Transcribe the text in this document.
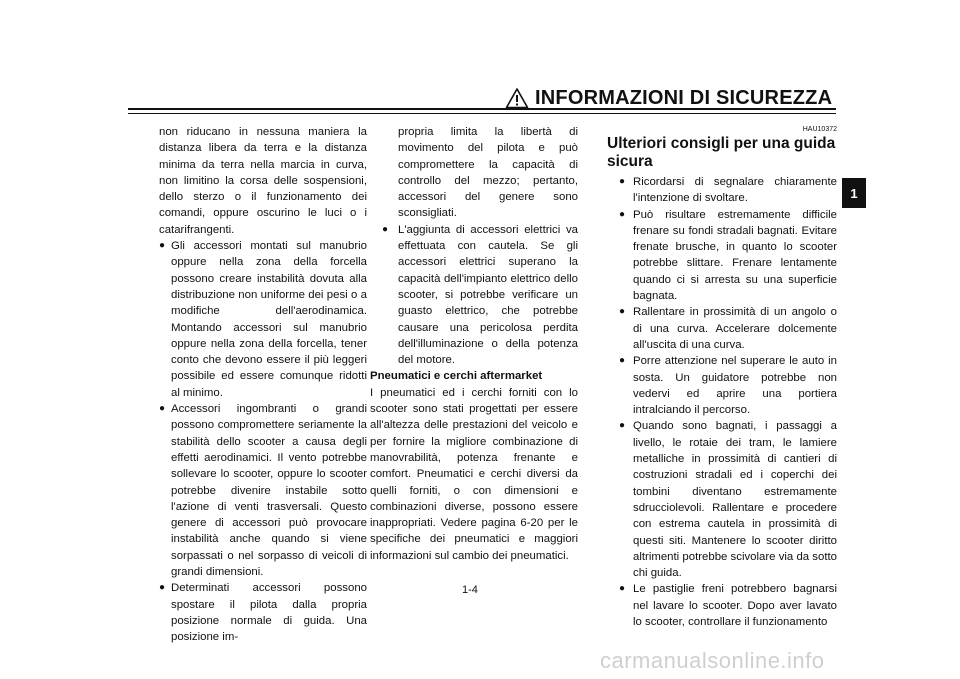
INFORMAZIONI DI SICUREZZA
1

non riducano in nessuna maniera la distanza libera da terra e la distanza minima da terra nella marcia in curva, non limitino la corsa delle sospensioni, dello sterzo o il funzionamento dei comandi, oppure oscurino le luci o i catarifrangenti.

● Gli accessori montati sul manubrio oppure nella zona della forcella possono creare instabilità dovuta alla distribuzione non uniforme dei pesi o a modifiche dell'aerodinamica. Montando accessori sul manubrio oppure nella zona della forcella, tener conto che devono essere il più leggeri possibile ed essere comunque ridotti al minimo.
● Accessori ingombranti o grandi possono compromettere seriamente la stabilità dello scooter a causa degli effetti aerodinamici. Il vento potrebbe sollevare lo scooter, oppure lo scooter potrebbe divenire instabile sotto l'azione di venti trasversali. Questo genere di accessori può provocare instabilità anche quando si viene sorpassati o nel sorpasso di veicoli di grandi dimensioni.
● Determinati accessori possono spostare il pilota dalla propria posizione normale di guida. Una posizione im-
propria limita la libertà di movimento del pilota e può compromettere la capacità di controllo del mezzo; pertanto, accessori del genere sono sconsigliati.
● L'aggiunta di accessori elettrici va effettuata con cautela. Se gli accessori elettrici superano la capacità dell'impianto elettrico dello scooter, si potrebbe verificare un guasto elettrico, che potrebbe causare una pericolosa perdita dell'illuminazione o della potenza del motore.

Pneumatici e cerchi aftermarket

I pneumatici ed i cerchi forniti con lo scooter sono stati progettati per essere all'altezza delle prestazioni del veicolo e per fornire la migliore combinazione di manovrabilità, potenza frenante e comfort. Pneumatici e cerchi diversi da quelli forniti, o con dimensioni e combinazioni diverse, possono essere inappropriati. Vedere pagina 6-20 per le specifiche dei pneumatici e maggiori informazioni sul cambio dei pneumatici.

HAU10372
Ulteriori consigli per una guida sicura
● Ricordarsi di segnalare chiaramente l'intenzione di svoltare.
● Può risultare estremamente difficile frenare su fondi stradali bagnati. Evitare frenate brusche, in quanto lo scooter potrebbe slittare. Frenare lentamente quando ci si arresta su una superficie bagnata.
● Rallentare in prossimità di un angolo o di una curva. Accelerare dolcemente all'uscita di una curva.
● Porre attenzione nel superare le auto in sosta. Un guidatore potrebbe non vedervi ed aprire una portiera intralciando il percorso.
● Quando sono bagnati, i passaggi a livello, le rotaie dei tram, le lamiere metalliche in prossimità di cantieri di costruzioni stradali ed i coperchi dei tombini diventano estremamente sdrucciolevoli. Rallentare e procedere con estrema cautela in prossimità di questi siti. Mantenere lo scooter diritto altrimenti potrebbe scivolare via da sotto chi guida.
● Le pastiglie freni potrebbero bagnarsi nel lavare lo scooter. Dopo aver lavato lo scooter, controllare il funzionamento
1-4
carmanualsonline.info
